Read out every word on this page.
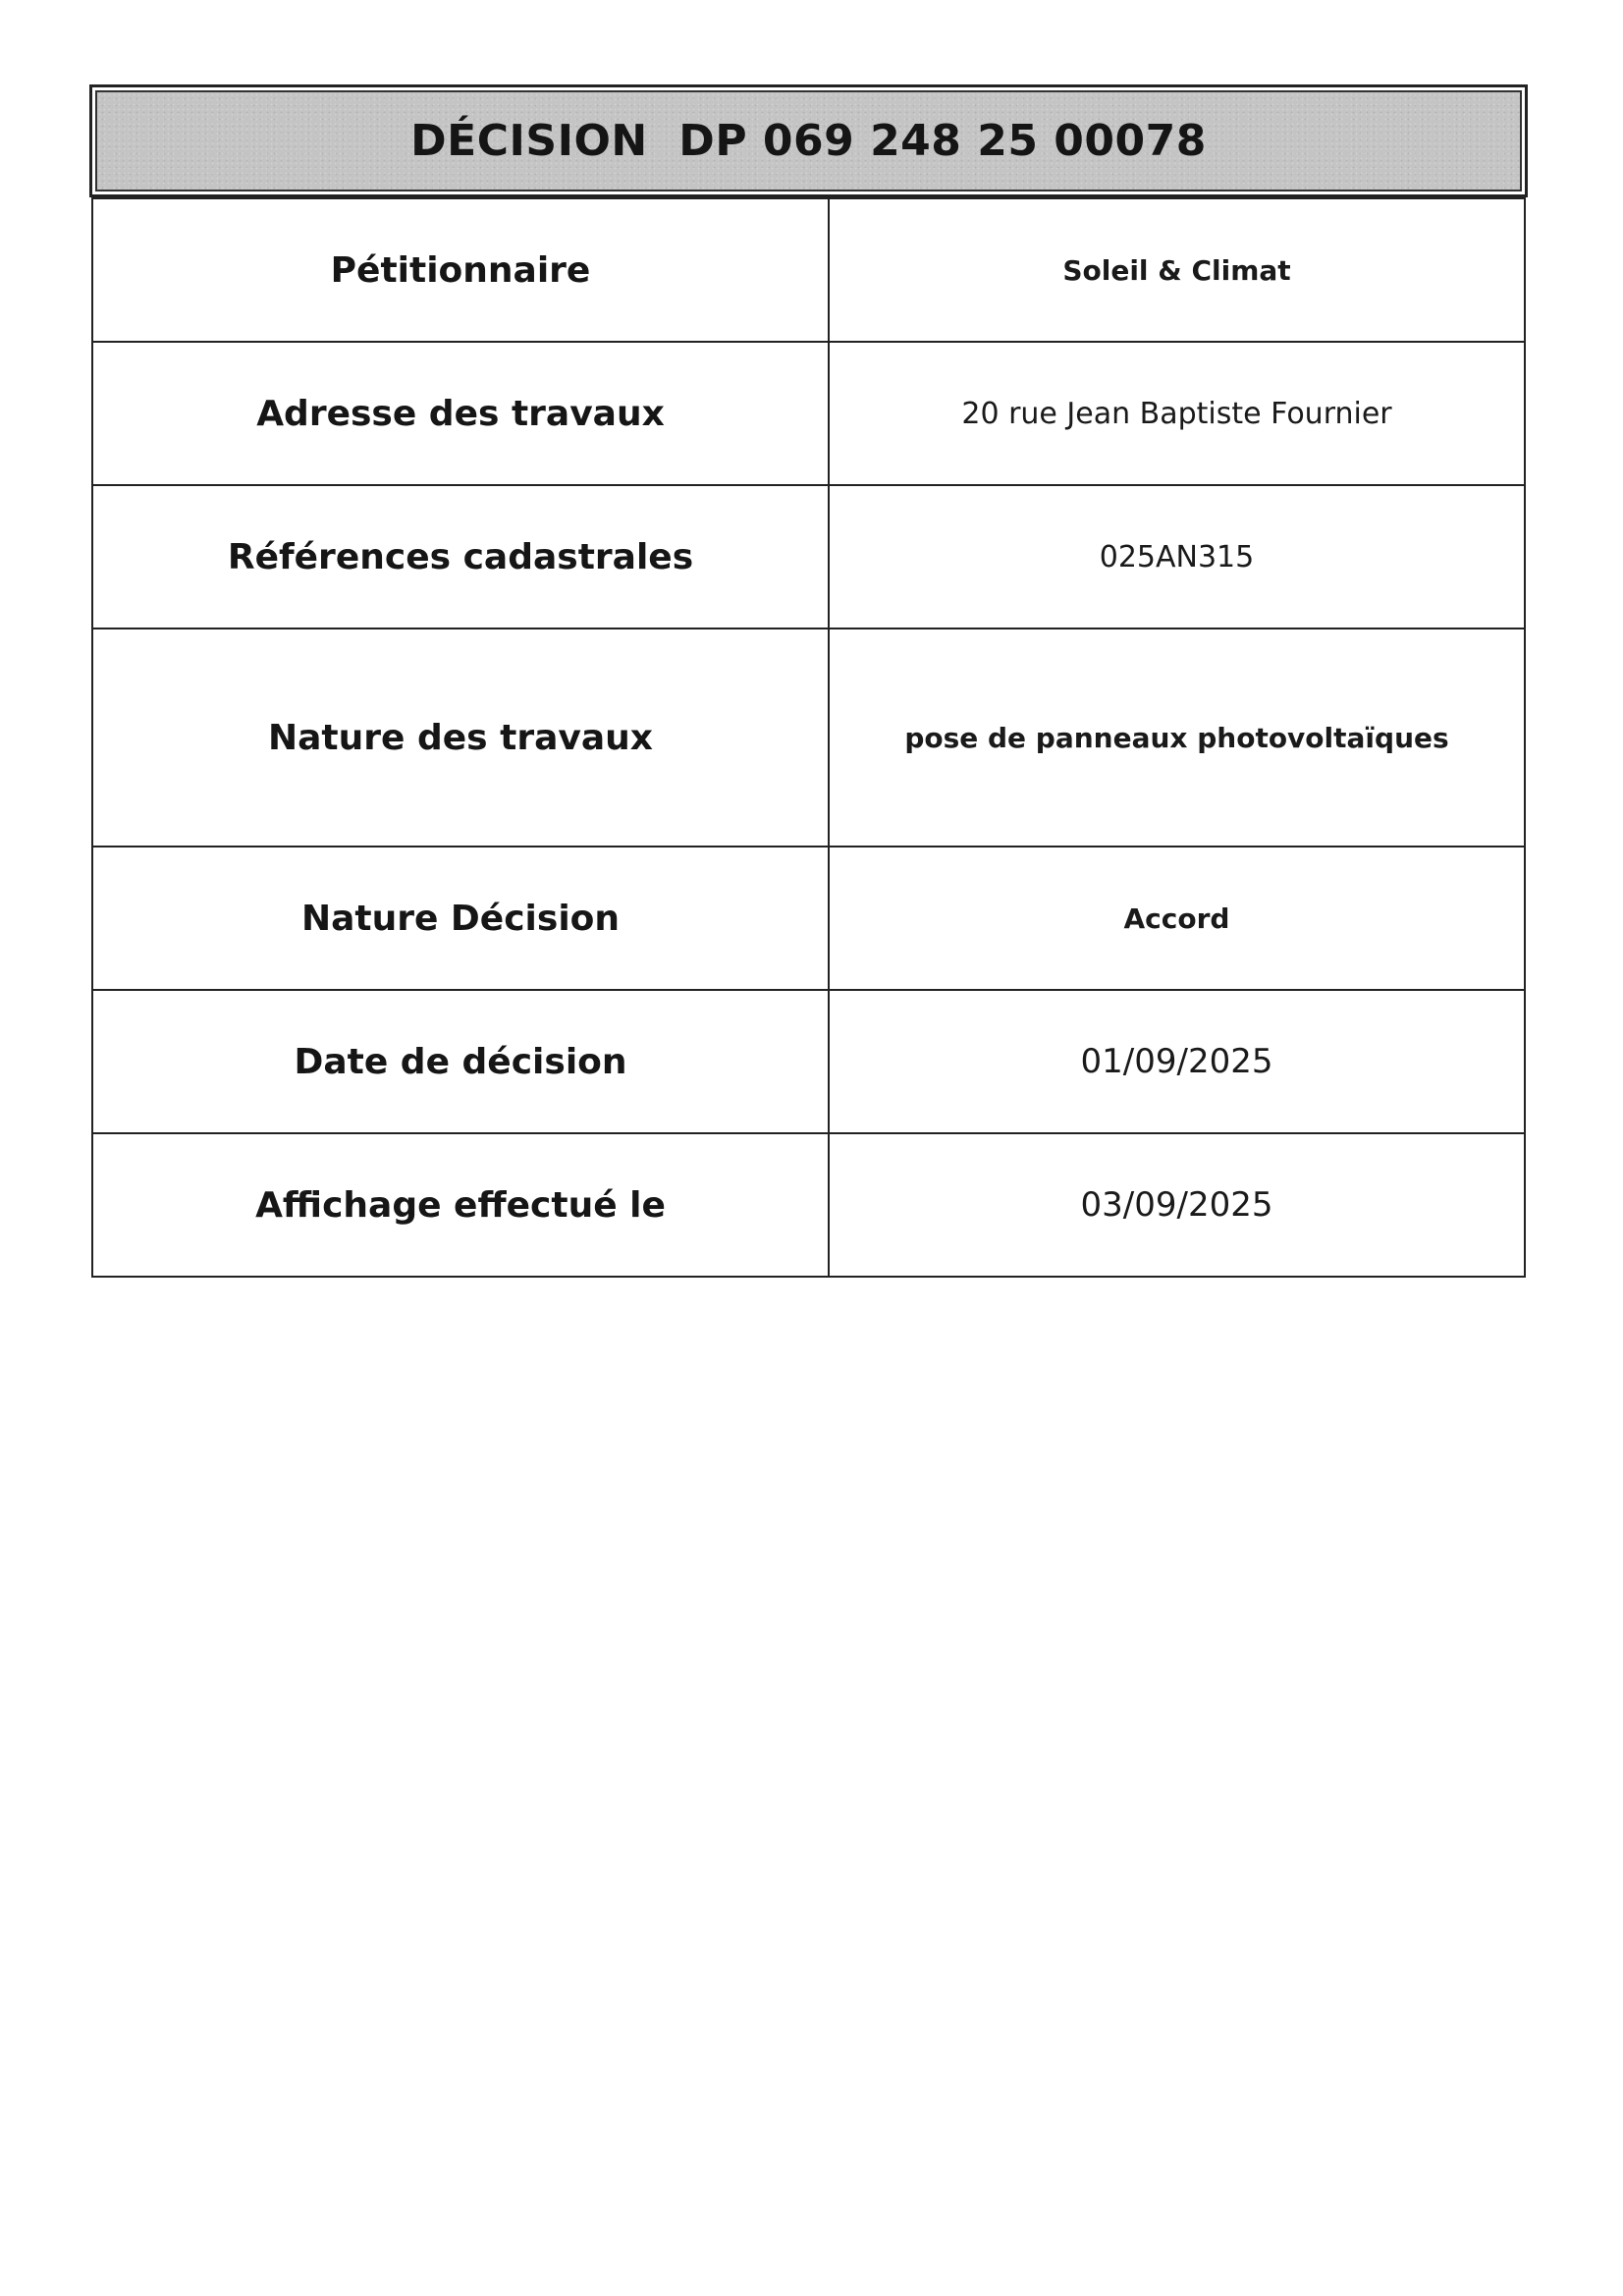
DÉCISION  DP 069 248 25 00078
Pétitionnaire	Soleil & Climat
Adresse des travaux	20 rue Jean Baptiste Fournier
Références cadastrales	025AN315
Nature des travaux	pose de panneaux photovoltaïques
Nature Décision	Accord
Date de décision	01/09/2025
Affichage effectué le	03/09/2025
